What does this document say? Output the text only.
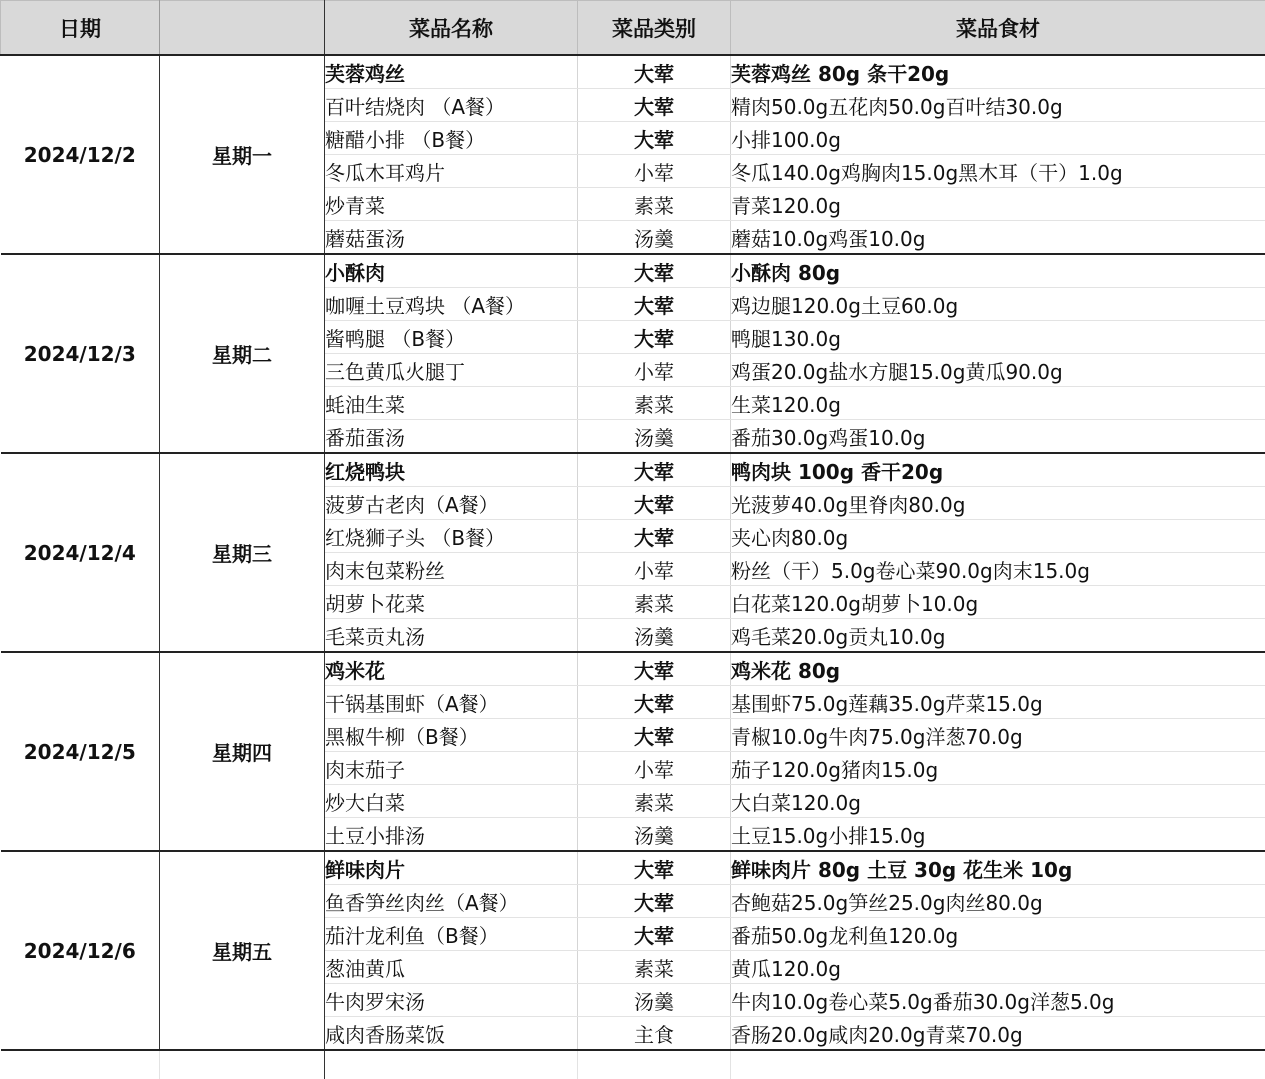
日期		菜品名称	菜品类别	菜品食材
2024/12/2	星期一	芙蓉鸡丝	大荤	芙蓉鸡丝 80g 条干20g
		百叶结烧肉 （A餐）	大荤	精肉50.0g五花肉50.0g百叶结30.0g
		糖醋小排 （B餐）	大荤	小排100.0g
		冬瓜木耳鸡片	小荤	冬瓜140.0g鸡胸肉15.0g黑木耳（干）1.0g
		炒青菜	素菜	青菜120.0g
		蘑菇蛋汤	汤羹	蘑菇10.0g鸡蛋10.0g
2024/12/3	星期二	小酥肉	大荤	小酥肉 80g
		咖喱土豆鸡块 （A餐）	大荤	鸡边腿120.0g土豆60.0g
		酱鸭腿 （B餐）	大荤	鸭腿130.0g
		三色黄瓜火腿丁	小荤	鸡蛋20.0g盐水方腿15.0g黄瓜90.0g
		蚝油生菜	素菜	生菜120.0g
		番茄蛋汤	汤羹	番茄30.0g鸡蛋10.0g
2024/12/4	星期三	红烧鸭块	大荤	鸭肉块 100g 香干20g
		菠萝古老肉（A餐）	大荤	光菠萝40.0g里脊肉80.0g
		红烧狮子头 （B餐）	大荤	夹心肉80.0g
		肉末包菜粉丝	小荤	粉丝（干）5.0g卷心菜90.0g肉末15.0g
		胡萝卜花菜	素菜	白花菜120.0g胡萝卜10.0g
		毛菜贡丸汤	汤羹	鸡毛菜20.0g贡丸10.0g
2024/12/5	星期四	鸡米花	大荤	鸡米花 80g
		干锅基围虾（A餐）	大荤	基围虾75.0g莲藕35.0g芹菜15.0g
		黑椒牛柳（B餐）	大荤	青椒10.0g牛肉75.0g洋葱70.0g
		肉末茄子	小荤	茄子120.0g猪肉15.0g
		炒大白菜	素菜	大白菜120.0g
		土豆小排汤	汤羹	土豆15.0g小排15.0g
2024/12/6	星期五	鲜味肉片	大荤	鲜味肉片 80g 土豆 30g 花生米 10g
		鱼香笋丝肉丝（A餐）	大荤	杏鲍菇25.0g笋丝25.0g肉丝80.0g
		茄汁龙利鱼（B餐）	大荤	番茄50.0g龙利鱼120.0g
		葱油黄瓜	素菜	黄瓜120.0g
		牛肉罗宋汤	汤羹	牛肉10.0g卷心菜5.0g番茄30.0g洋葱5.0g
		咸肉香肠菜饭	主食	香肠20.0g咸肉20.0g青菜70.0g
